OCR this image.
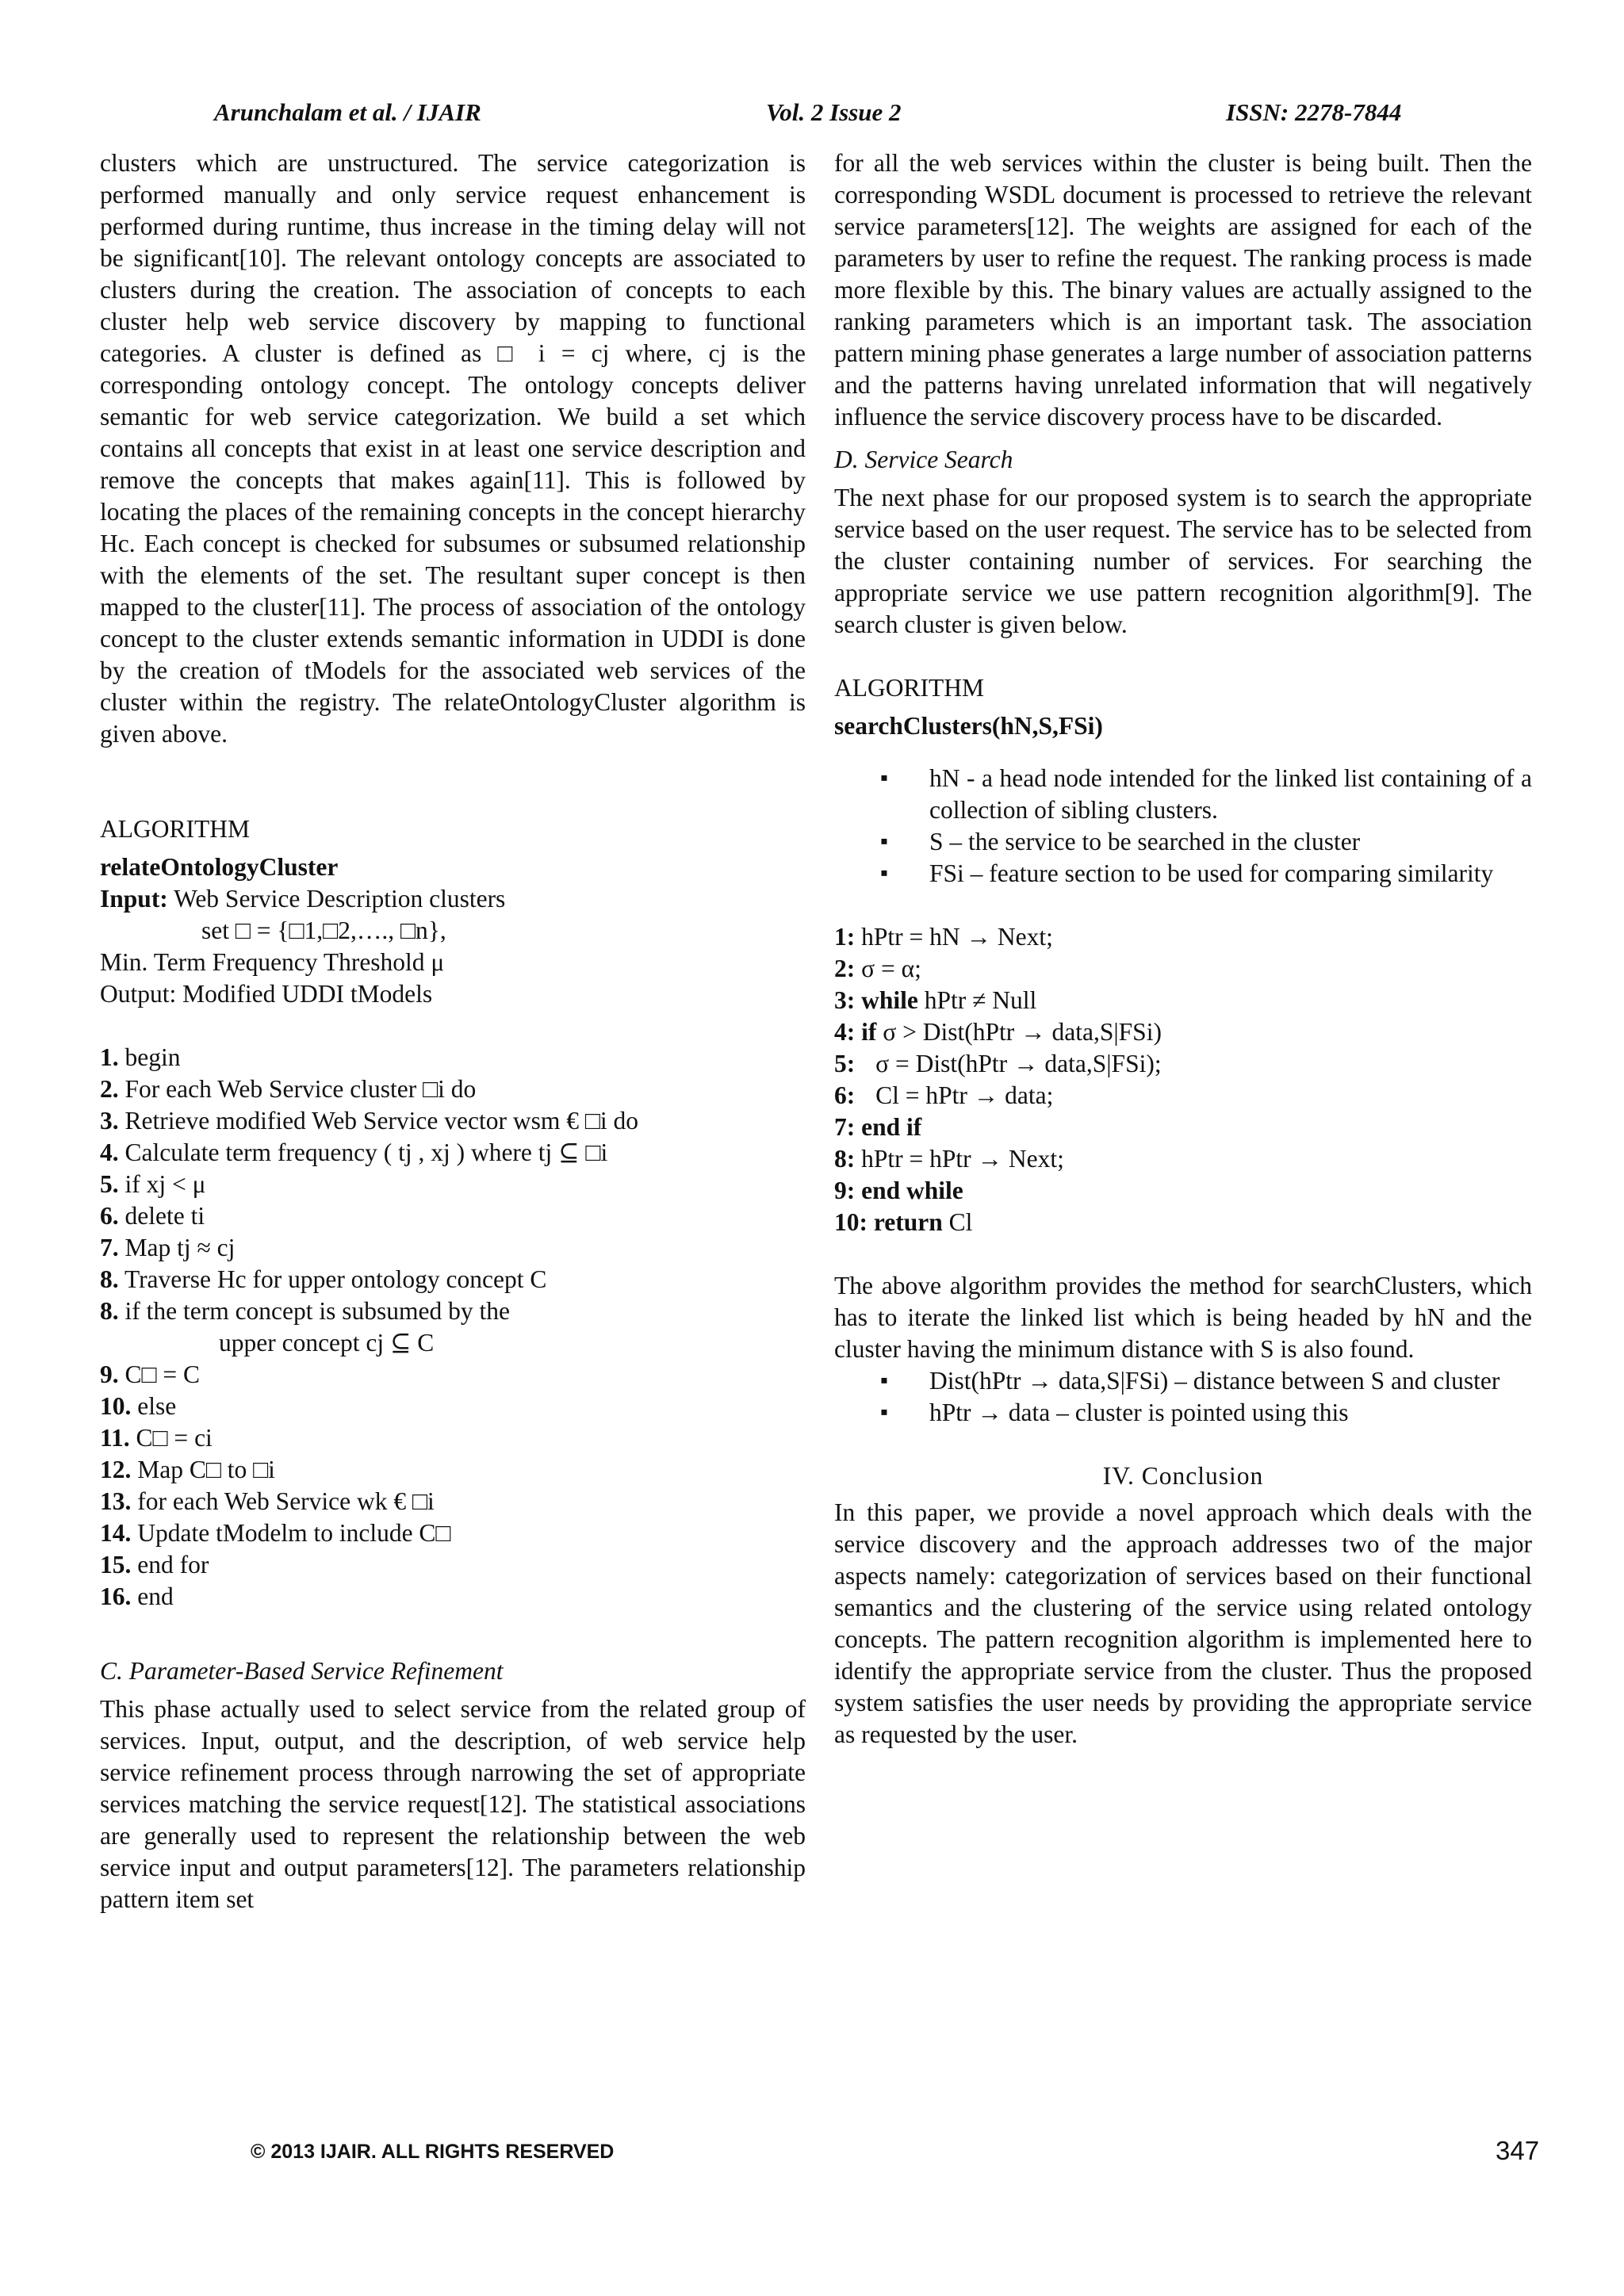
Arunchalam et al. / IJAIR	Vol. 2 Issue 2	ISSN: 2278-7844

clusters which are unstructured. The service categorization is performed manually and only service request enhancement is performed during runtime, thus increase in the timing delay will not be significant[10]. The relevant ontology concepts are associated to clusters during the creation. The association of concepts to each cluster help web service discovery by mapping to functional categories. A cluster is defined as □ i = cj where, cj is the corresponding ontology concept. The ontology concepts deliver semantic for web service categorization. We build a set which contains all concepts that exist in at least one service description and remove the concepts that makes again[11]. This is followed by locating the places of the remaining concepts in the concept hierarchy Hc. Each concept is checked for subsumes or subsumed relationship with the elements of the set. The resultant super concept is then mapped to the cluster[11]. The process of association of the ontology concept to the cluster extends semantic information in UDDI is done by the creation of tModels for the associated web services of the cluster within the registry. The relateOntologyCluster algorithm is given above.

ALGORITHM

relateOntologyCluster

Input: Web Service Description clusters

set □ = {□1,□2,…., □n},

Min. Term Frequency Threshold μ

Output: Modified UDDI tModels

1. begin

2. For each Web Service cluster □i do

3. Retrieve modified Web Service vector wsm € □i do

4. Calculate term frequency ( tj , xj ) where tj ⊆ □i

5. if xj < μ

6. delete ti

7. Map tj ≈ cj

8. Traverse Hc for upper ontology concept C

8. if the term concept is subsumed by the

upper concept cj ⊆ C

9. C□ = C

10. else

11. C□ = ci

12. Map C□ to □i

13. for each Web Service wk € □i

14. Update tModelm to include C□

15. end for

16. end

C. Parameter-Based Service Refinement

This phase actually used to select service from the related group of services. Input, output, and the description, of web service help service refinement process through narrowing the set of appropriate services matching the service request[12]. The statistical associations are generally used to represent the relationship between the web service input and output parameters[12]. The parameters relationship pattern item set

for all the web services within the cluster is being built. Then the corresponding WSDL document is processed to retrieve the relevant service parameters[12]. The weights are assigned for each of the parameters by user to refine the request. The ranking process is made more flexible by this. The binary values are actually assigned to the ranking parameters which is an important task. The association pattern mining phase generates a large number of association patterns and the patterns having unrelated information that will negatively influence the service discovery process have to be discarded.

D. Service Search

The next phase for our proposed system is to search the appropriate service based on the user request. The service has to be selected from the cluster containing number of services. For searching the appropriate service we use pattern recognition algorithm[9]. The search cluster is given below.

ALGORITHM

searchClusters(hN,S,FSi)

▪ hN - a head node intended for the linked list containing of a collection of sibling clusters.
▪ S – the service to be searched in the cluster
▪ FSi – feature section to be used for comparing similarity

1: hPtr = hN → Next;

2: σ = α;

3: while hPtr ≠ Null

4: if σ > Dist(hPtr → data,S|FSi)

5: σ = Dist(hPtr → data,S|FSi);

6: Cl = hPtr → data;

7: end if

8: hPtr = hPtr → Next;

9: end while

10: return Cl

The above algorithm provides the method for searchClusters, which has to iterate the linked list which is being headed by hN and the cluster having the minimum distance with S is also found.

▪ Dist(hPtr → data,S|FSi) – distance between S and cluster
▪ hPtr → data – cluster is pointed using this

IV. Conclusion

In this paper, we provide a novel approach which deals with the service discovery and the approach addresses two of the major aspects namely: categorization of services based on their functional semantics and the clustering of the service using related ontology concepts. The pattern recognition algorithm is implemented here to identify the appropriate service from the cluster. Thus the proposed system satisfies the user needs by providing the appropriate service as requested by the user.

© 2013 IJAIR. ALL RIGHTS RESERVED	347
